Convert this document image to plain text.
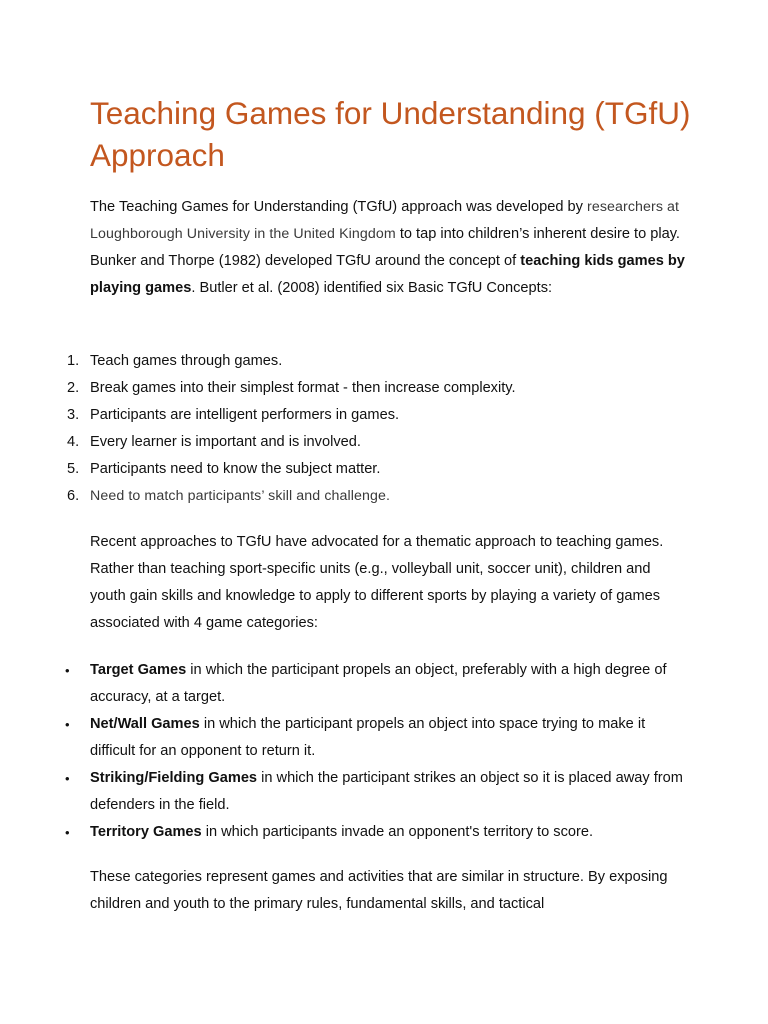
Teaching Games for Understanding (TGfU) Approach

The Teaching Games for Understanding (TGfU) approach was developed by researchers at Loughborough University in the United Kingdom to tap into children’s inherent desire to play. Bunker and Thorpe (1982) developed TGfU around the concept of teaching kids games by playing games. Butler et al. (2008) identified six Basic TGfU Concepts:

1. Teach games through games.
2. Break games into their simplest format - then increase complexity.
3. Participants are intelligent performers in games.
4. Every learner is important and is involved.
5. Participants need to know the subject matter.
6. Need to match participants’ skill and challenge.

Recent approaches to TGfU have advocated for a thematic approach to teaching games. Rather than teaching sport-specific units (e.g., volleyball unit, soccer unit), children and youth gain skills and knowledge to apply to different sports by playing a variety of games associated with 4 game categories:

• Target Games in which the participant propels an object, preferably with a high degree of accuracy, at a target.
• Net/Wall Games in which the participant propels an object into space trying to make it difficult for an opponent to return it.
• Striking/Fielding Games in which the participant strikes an object so it is placed away from defenders in the field.
• Territory Games in which participants invade an opponent's territory to score.

These categories represent games and activities that are similar in structure. By exposing children and youth to the primary rules, fundamental skills, and tactical
